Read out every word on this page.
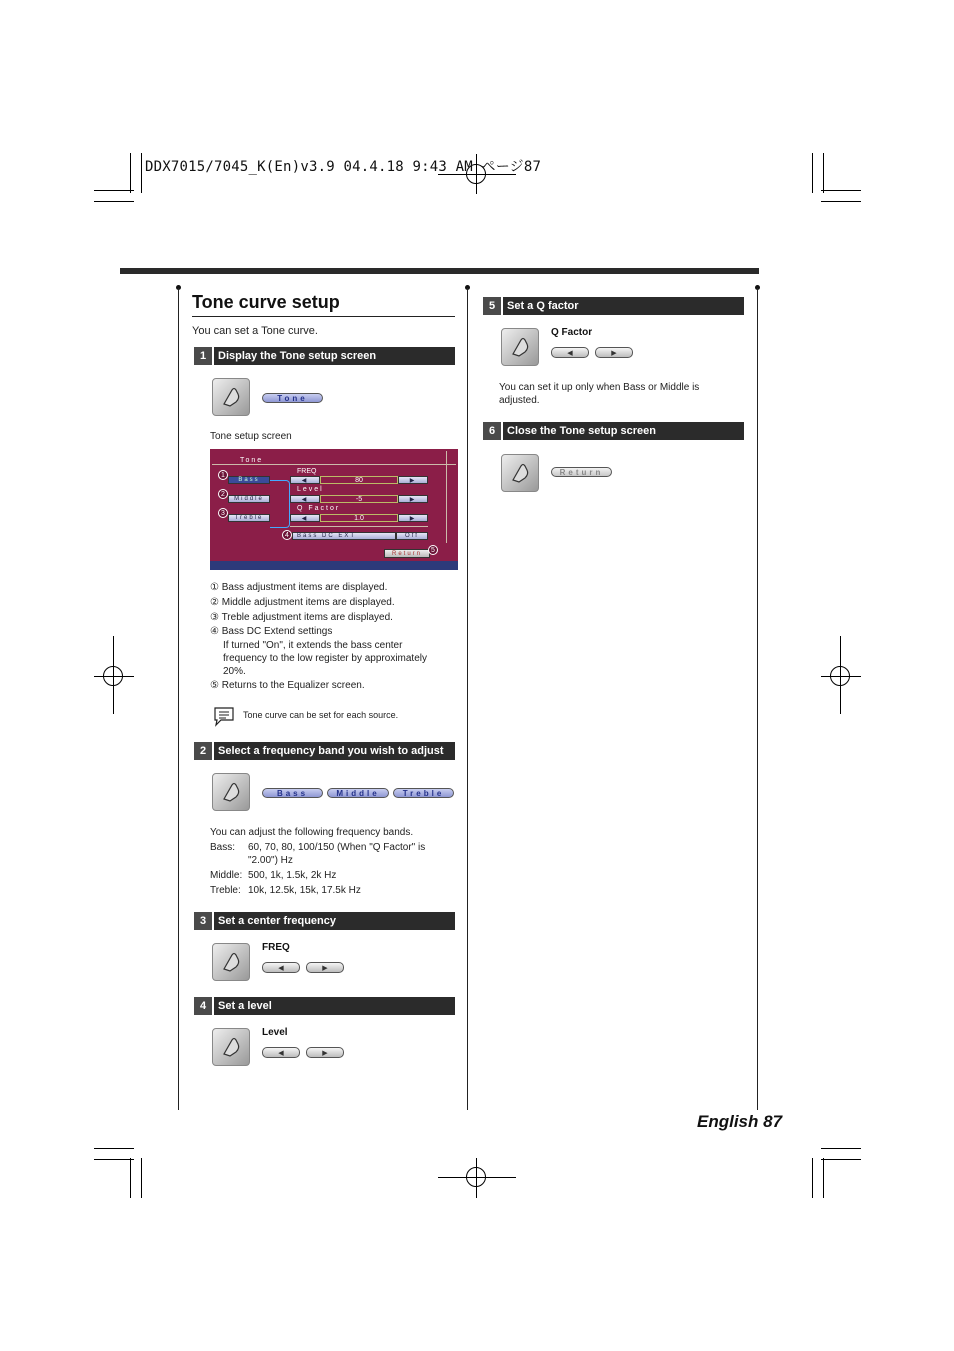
DDX7015/7045_K(En)v3.9 04.4.18 9:43 AM ページ87
Tone curve setup
You can set a Tone curve.
1	Display the Tone setup screen
Tone
Tone setup screen
Tone
1
Bass
2
Middle
3
Treble
FREQ
◀	80	▶
Level
◀	-5	▶
Q Factor
◀	1.0	▶
4	Bass DC EXT	Off
Return	5
① Bass adjustment items are displayed.
② Middle adjustment items are displayed.
③ Treble adjustment items are displayed.
④ Bass DC Extend settings
If turned "On", it extends the bass center
frequency to the low register by approximately
20%.
⑤ Returns to the Equalizer screen.
Tone curve can be set for each source.
2	Select a frequency band you wish to adjust
Bass	Middle	Treble
You can adjust the following frequency bands.
Bass: 60, 70, 80, 100/150 (When "Q Factor" is
"2.00") Hz
Middle: 500, 1k, 1.5k, 2k Hz
Treble: 10k, 12.5k, 15k, 17.5k Hz
3	Set a center frequency
FREQ
◀	▶
4	Set a level
Level
◀	▶
5	Set a Q factor
Q Factor
◀	▶
You can set it up only when Bass or Middle is
adjusted.
6	Close the Tone setup screen
Return
English 87
